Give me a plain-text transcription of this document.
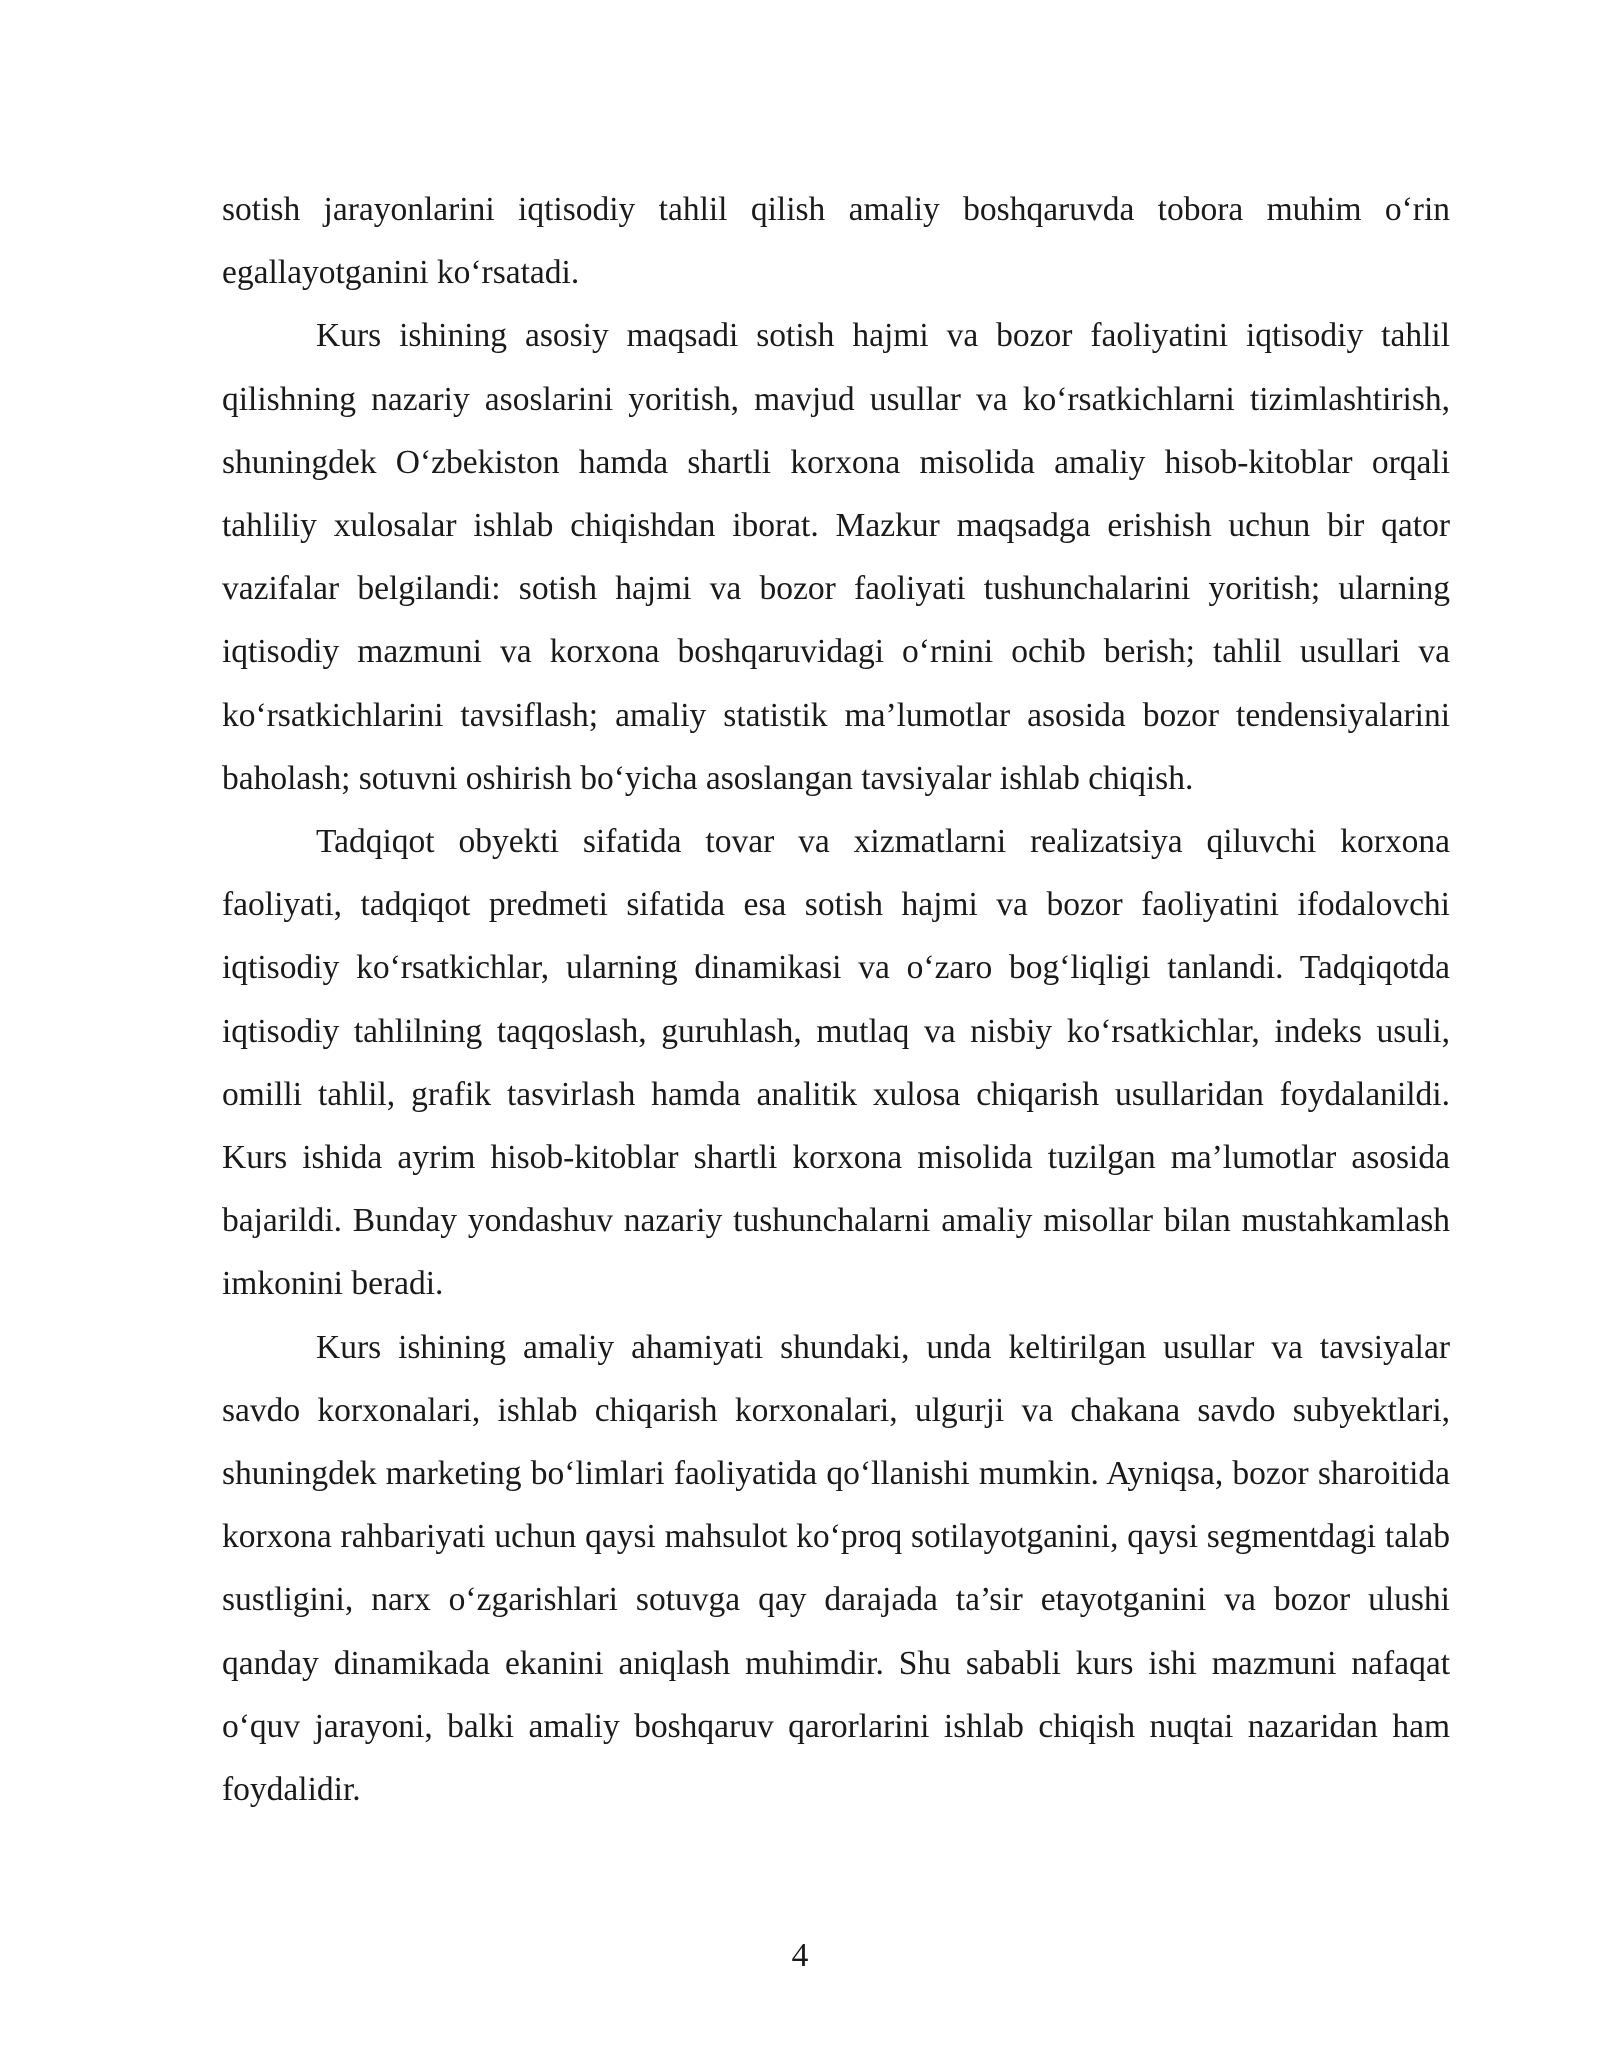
sotish jarayonlarini iqtisodiy tahlil qilish amaliy boshqaruvda tobora muhim o‘rin egallayotganini ko‘rsatadi.

Kurs ishining asosiy maqsadi sotish hajmi va bozor faoliyatini iqtisodiy tahlil qilishning nazariy asoslarini yoritish, mavjud usullar va ko‘rsatkichlarni tizimlashtirish, shuningdek O‘zbekiston hamda shartli korxona misolida amaliy hisob-kitoblar orqali tahliliy xulosalar ishlab chiqishdan iborat. Mazkur maqsadga erishish uchun bir qator vazifalar belgilandi: sotish hajmi va bozor faoliyati tushunchalarini yoritish; ularning iqtisodiy mazmuni va korxona boshqaruvidagi o‘rnini ochib berish; tahlil usullari va ko‘rsatkichlarini tavsiflash; amaliy statistik ma’lumotlar asosida bozor tendensiyalarini baholash; sotuvni oshirish bo‘yicha asoslangan tavsiyalar ishlab chiqish.

Tadqiqot obyekti sifatida tovar va xizmatlarni realizatsiya qiluvchi korxona faoliyati, tadqiqot predmeti sifatida esa sotish hajmi va bozor faoliyatini ifodalovchi iqtisodiy ko‘rsatkichlar, ularning dinamikasi va o‘zaro bog‘liqligi tanlandi. Tadqiqotda iqtisodiy tahlilning taqqoslash, guruhlash, mutlaq va nisbiy ko‘rsatkichlar, indeks usuli, omilli tahlil, grafik tasvirlash hamda analitik xulosa chiqarish usullaridan foydalanildi. Kurs ishida ayrim hisob-kitoblar shartli korxona misolida tuzilgan ma’lumotlar asosida bajarildi. Bunday yondashuv nazariy tushunchalarni amaliy misollar bilan mustahkamlash imkonini beradi.

Kurs ishining amaliy ahamiyati shundaki, unda keltirilgan usullar va tavsiyalar savdo korxonalari, ishlab chiqarish korxonalari, ulgurji va chakana savdo subyektlari, shuningdek marketing bo‘limlari faoliyatida qo‘llanishi mumkin. Ayniqsa, bozor sharoitida korxona rahbariyati uchun qaysi mahsulot ko‘proq sotilayotganini, qaysi segmentdagi talab sustligini, narx o‘zgarishlari sotuvga qay darajada ta’sir etayotganini va bozor ulushi qanday dinamikada ekanini aniqlash muhimdir. Shu sababli kurs ishi mazmuni nafaqat o‘quv jarayoni, balki amaliy boshqaruv qarorlarini ishlab chiqish nuqtai nazaridan ham foydalidir.

4
